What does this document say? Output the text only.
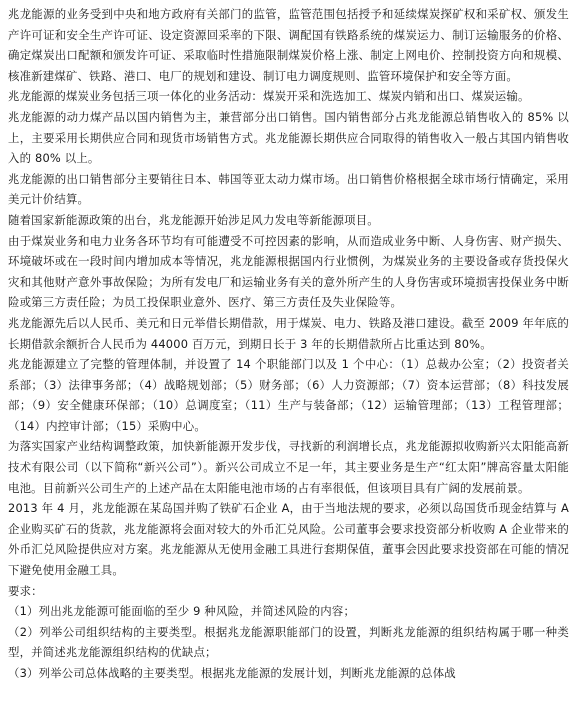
兆龙能源的业务受到中央和地方政府有关部门的监管，监管范围包括授予和延续煤炭探矿权和采矿权、颁发生产许可证和安全生产许可证、设定资源回采率的下限、调配国有铁路系统的煤炭运力、制订运输服务的价格、确定煤炭出口配额和颁发许可证、采取临时性措施限制煤炭价格上涨、制定上网电价、控制投资方向和规模、核准新建煤矿、铁路、港口、电厂的规划和建设、制订电力调度规则、监管环境保护和安全等方面。

兆龙能源的煤炭业务包括三项一体化的业务活动：煤炭开采和洗选加工、煤炭内销和出口、煤炭运输。

兆龙能源的动力煤产品以国内销售为主，兼营部分出口销售。国内销售部分占兆龙能源总销售收入的 85% 以上，主要采用长期供应合同和现货市场销售方式。兆龙能源长期供应合同取得的销售收入一般占其国内销售收入的 80% 以上。

兆龙能源的出口销售部分主要销往日本、韩国等亚太动力煤市场。出口销售价格根据全球市场行情确定，采用美元计价结算。

随着国家新能源政策的出台，兆龙能源开始涉足风力发电等新能源项目。

由于煤炭业务和电力业务各环节均有可能遭受不可控因素的影响，从而造成业务中断、人身伤害、财产损失、环境破坏或在一段时间内增加成本等情况，兆龙能源根据国内行业惯例，为煤炭业务的主要设备或存货投保火灾和其他财产意外事故保险；为所有发电厂和运输业务有关的意外所产生的人身伤害或环境损害投保业务中断险或第三方责任险；为员工投保职业意外、医疗、第三方责任及失业保险等。

兆龙能源先后以人民币、美元和日元举借长期借款，用于煤炭、电力、铁路及港口建设。截至 2009 年年底的长期借款余额折合人民币为 44000 百万元，到期日长于 3 年的长期借款所占比重达到 80%。

兆龙能源建立了完整的管理体制，并设置了 14 个职能部门以及 1 个中心：（1）总裁办公室；（2）投资者关系部；（3）法律事务部；（4）战略规划部；（5）财务部；（6）人力资源部；（7）资本运营部；（8）科技发展部；（9）安全健康环保部；（10）总调度室；（11）生产与装备部；（12）运输管理部；（13）工程管理部；（14）内控审计部；（15）采购中心。

为落实国家产业结构调整政策，加快新能源开发步伐，寻找新的利润增长点，兆龙能源拟收购新兴太阳能高新技术有限公司（以下简称“新兴公司”）。新兴公司成立不足一年，其主要业务是生产“红太阳”牌高容量太阳能电池。目前新兴公司生产的上述产品在太阳能电池市场的占有率很低，但该项目具有广阔的发展前景。

2013 年 4 月，兆龙能源在某岛国并购了铁矿石企业 A，由于当地法规的要求，必须以岛国货币现金结算与 A 企业购买矿石的货款，兆龙能源将会面对较大的外币汇兑风险。公司董事会要求投资部分析收购 A 企业带来的外币汇兑风险提供应对方案。兆龙能源从无使用金融工具进行套期保值，董事会因此要求投资部在可能的情况下避免使用金融工具。

要求：

（1）列出兆龙能源可能面临的至少 9 种风险，并简述风险的内容；

（2）列举公司组织结构的主要类型。根据兆龙能源职能部门的设置，判断兆龙能源的组织结构属于哪一种类型，并简述兆龙能源组织结构的优缺点；

（3）列举公司总体战略的主要类型。根据兆龙能源的发展计划，判断兆龙能源的总体战
